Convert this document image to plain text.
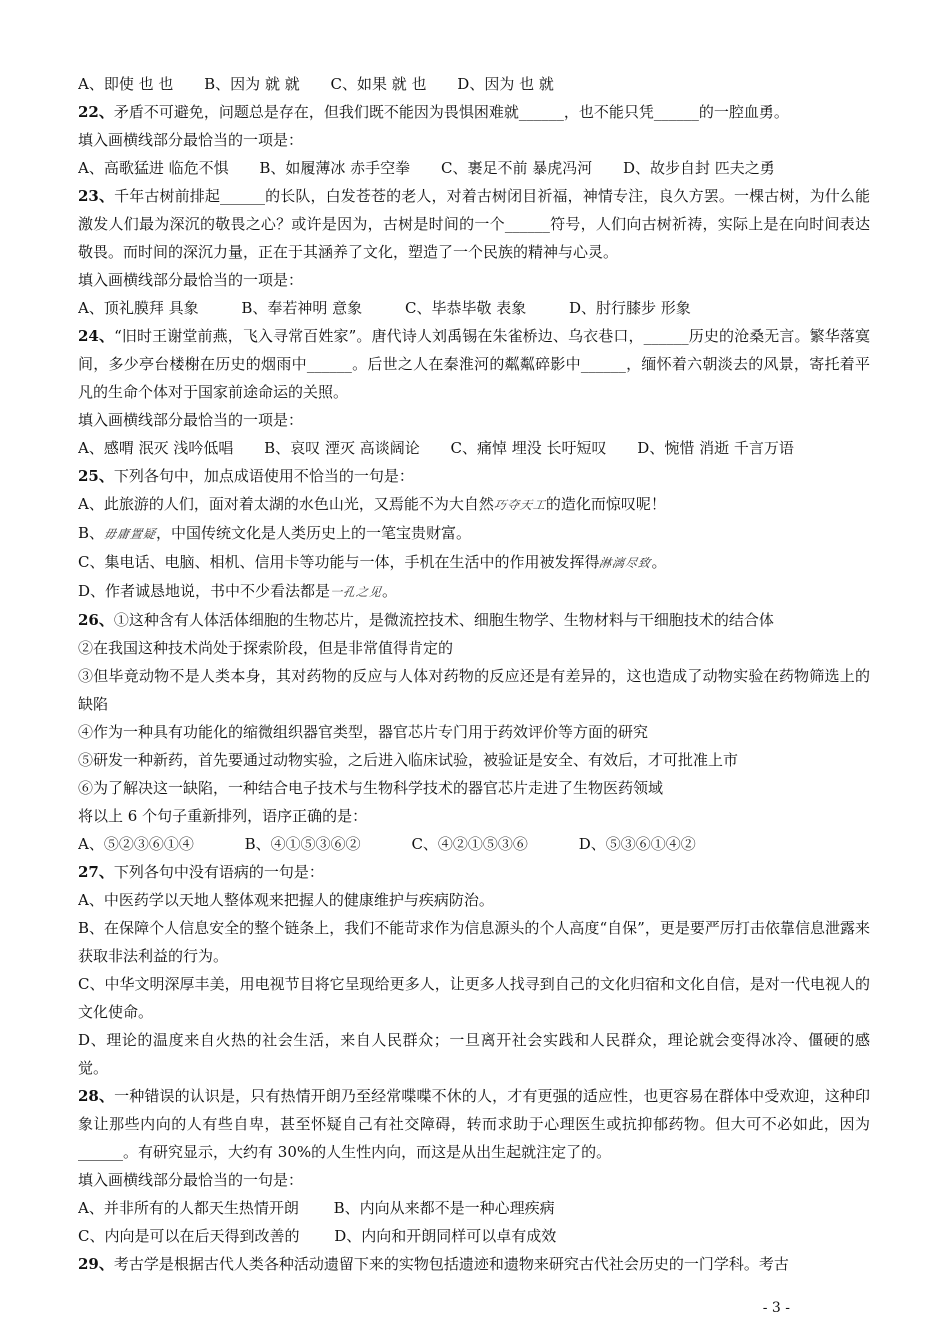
A、即使 也 也 B、因为 就 就 C、如果 就 也 D、因为 也 就

22、矛盾不可避免，问题总是存在，但我们既不能因为畏惧困难就______，也不能只凭______的一腔血勇。

填入画横线部分最恰当的一项是：

A、高歌猛进 临危不惧 B、如履薄冰 赤手空拳 C、裹足不前 暴虎冯河 D、故步自封 匹夫之勇

23、千年古树前排起______的长队，白发苍苍的老人，对着古树闭目祈福，神情专注，良久方罢。一棵古树，为什么能激发人们最为深沉的敬畏之心？或许是因为，古树是时间的一个______符号，人们向古树祈祷，实际上是在向时间表达敬畏。而时间的深沉力量，正在于其涵养了文化，塑造了一个民族的精神与心灵。

填入画横线部分最恰当的一项是：

A、顶礼膜拜 具象	B、奉若神明 意象	C、毕恭毕敬 表象	D、肘行膝步 形象

24、“旧时王谢堂前燕，飞入寻常百姓家”。唐代诗人刘禹锡在朱雀桥边、乌衣巷口，______历史的沧桑无言。繁华落寞间，多少亭台楼榭在历史的烟雨中______。后世之人在秦淮河的粼粼碎影中______，缅怀着六朝淡去的风景，寄托着平凡的生命个体对于国家前途命运的关照。

填入画横线部分最恰当的一项是：

A、感喟 泯灭 浅吟低唱 B、哀叹 湮灭 高谈阔论 C、痛悼 埋没 长吁短叹 D、惋惜 消逝 千言万语

25、下列各句中，加点成语使用不恰当的一句是：

A、此旅游的人们，面对着太湖的水色山光，又焉能不为大自然巧夺天工的造化而惊叹呢！

B、毋庸置疑，中国传统文化是人类历史上的一笔宝贵财富。

C、集电话、电脑、相机、信用卡等功能与一体，手机在生活中的作用被发挥得淋漓尽致。

D、作者诚恳地说，书中不少看法都是一孔之见。

26、①这种含有人体活体细胞的生物芯片，是微流控技术、细胞生物学、生物材料与干细胞技术的结合体

②在我国这种技术尚处于探索阶段，但是非常值得肯定的

③但毕竟动物不是人类本身，其对药物的反应与人体对药物的反应还是有差异的，这也造成了动物实验在药物筛选上的缺陷

④作为一种具有功能化的缩微组织器官类型，器官芯片专门用于药效评价等方面的研究

⑤研发一种新药，首先要通过动物实验，之后进入临床试验，被验证是安全、有效后，才可批准上市

⑥为了解决这一缺陷，一种结合电子技术与生物科学技术的器官芯片走进了生物医药领域

将以上 6 个句子重新排列，语序正确的是：

A、⑤②③⑥①④	B、④①⑤③⑥②	C、④②①⑤③⑥	D、⑤③⑥①④②

27、下列各句中没有语病的一句是：

A、中医药学以天地人整体观来把握人的健康维护与疾病防治。

B、在保障个人信息安全的整个链条上，我们不能苛求作为信息源头的个人高度“自保”，更是要严厉打击依靠信息泄露来获取非法利益的行为。

C、中华文明深厚丰美，用电视节目将它呈现给更多人，让更多人找寻到自己的文化归宿和文化自信，是对一代电视人的文化使命。

D、理论的温度来自火热的社会生活，来自人民群众；一旦离开社会实践和人民群众，理论就会变得冰冷、僵硬的感觉。

28、一种错误的认识是，只有热情开朗乃至经常喋喋不休的人，才有更强的适应性，也更容易在群体中受欢迎，这种印象让那些内向的人有些自卑，甚至怀疑自己有社交障碍，转而求助于心理医生或抗抑郁药物。但大可不必如此，因为______。有研究显示，大约有 30%的人生性内向，而这是从出生起就注定了的。

填入画横线部分最恰当的一句是：

A、并非所有的人都天生热情开朗 B、内向从来都不是一种心理疾病

C、内向是可以在后天得到改善的 D、内向和开朗同样可以卓有成效

29、考古学是根据古代人类各种活动遗留下来的实物包括遗迹和遗物来研究古代社会历史的一门学科。考古

- 3 -
